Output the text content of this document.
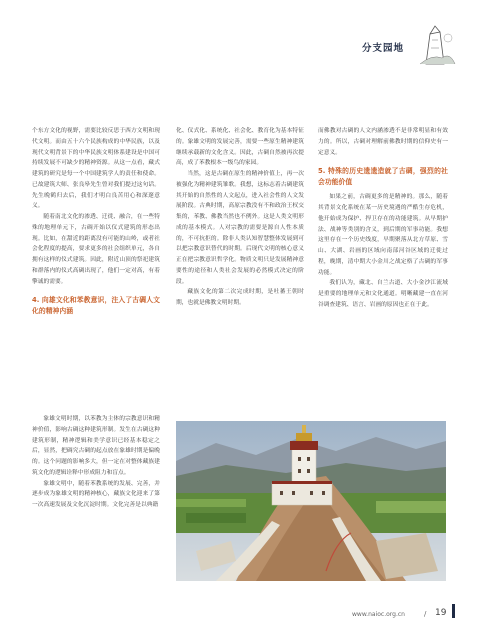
分支园地

个东方文化的视野，需要比较反思于西方文明和现代文明。而由五十六个民族构成的中华民族，以及现代文明背景下的中华民族文明体系建设是中国可持续发展不可缺少的精神资源。从这一点看，藏式建筑的研究是每一个中国建筑学人的责任和使命。已故建筑大师、张良皋先生曾对我们提过这句话。先生晚鹤归去后，我们才明白良苦用心和深邃意义。

随着南北文化的渗透、迁徙、融合，在一些特殊的地理单元下，古碉开始以仪式建筑的形态出现。比如，在甜近的距离没有可能的山岭，或者社会化程度的提高，要求更多的社会组织单元，各自拥有这样的仪式建筑。因此，附近山顶的祭祀建筑和群落内的仪式高碉出现了，他们一定对高，有着擎诚的需要。

4. 向雄文化和苯教意识，注入了古碉人文化的精神内涵

象雄文明时期，以苯教为主体的宗教意识和精神价值，影响古碉这种建筑形制。发生在古碉这种建筑形制，精神逻辑和美学意识已经基本稳定之后，显然，把碉究古碉的起点放在象雄时期是偏晚的。这个问题的影响多大，但一定在对整体藏族建筑文化的逻辑诠释中形成阻力和盲点。

象雄文明中，随着苯教系统的发展、完善，并逐步成为象雄文明的精神核心，藏族文化迎来了第一次高速发展及文化沉淀时期。文化完善是以典籍

化、仪式化、系统化、社会化、教育化为基本特征的。象雄文明的发展完善，需要一些原生精神建筑继续承载新的文化含义。因此，古碉自然被再次提高，成了苯教根本一级鸟的家园。

当然，这是古碉在原生的精神价值上，再一次被强化为精神建筑雏歌。我想，这标志着古碉建筑其开始的自然性的人文起点，进入社会性的人文发展阶段。古典时期，高原宗教没有不和政治王权交集的，苯教、佛教当然也不例外。这是人类文明形成的基本模式。人对宗教的需要是源自人性本质的，不可抗拒的。除非人类认知智慧整体发展到可以把宗教意识替代的时期。后现代文明的核心意义正在把宗教意识哲学化。物质文明只是发展精神意要性的途径和人类社会发展的必然模式决定的阶段。

藏族文化的第二次完成时期，是吐蕃王朝时期，也就是佛教文明时期。

而佛教对古碉的人文内涵渗透不是非常明显和有效力的。所以，古碉对理解前佛教时期的信仰史有一定意义。

5. 特殊的历史遗遗造就了古碉，强烈的社会功能价值

如果之前，古碉更多的是精神的。那么，随着其背景文化系统在某一历史境遇的严酷生存危机，他开始成为保护、捍卫存在的功能建筑。从早期护法、战神等类别的含义，到后期的军事功能。我想这里存在一个历史线度，早期聚落从北方草原、雪山、大湖、岩画的区域向南部河谷区域的迁徙过程，晚期，清中期大小金川之战定格了古碉的军事功能。

我们认为，藏北、自兰古道、大小金沙江流域是重要的地理单元和文化通道。明晰藏建一直在河谷调查建筑、语言、岩画的原因也正在于此。

www.naioc.org.cn	/ 19
